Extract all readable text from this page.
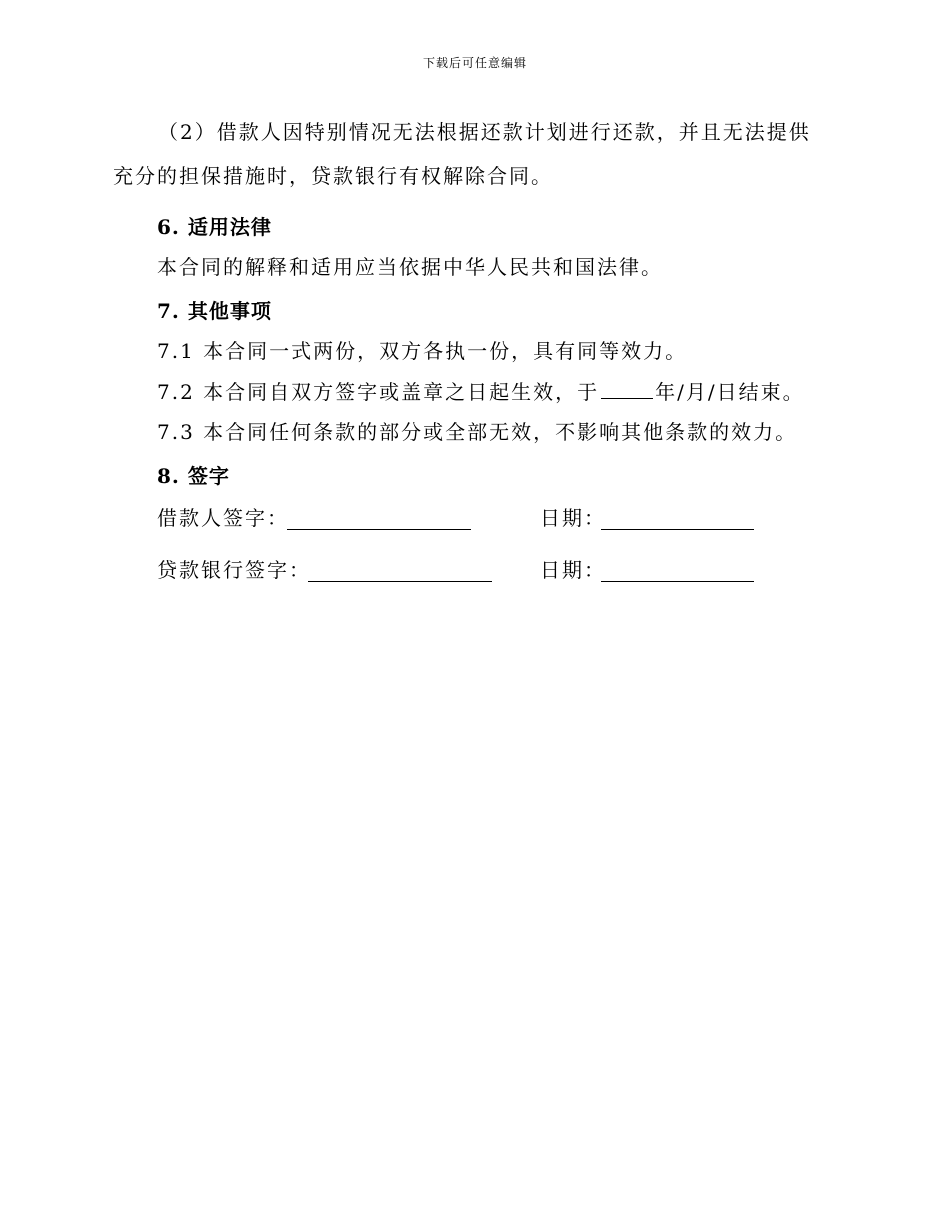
下载后可任意编辑

（2）借款人因特别情况无法根据还款计划进行还款，并且无法提供充分的担保措施时，贷款银行有权解除合同。

6. 适用法律
本合同的解释和适用应当依据中华人民共和国法律。
7. 其他事项
7.1 本合同一式两份，双方各执一份，具有同等效力。
7.2 本合同自双方签字或盖章之日起生效，于	年/月/日结束。
7.3 本合同任何条款的部分或全部无效，不影响其他条款的效力。
8. 签字
借款人签字：	日期：
贷款银行签字：	日期：
